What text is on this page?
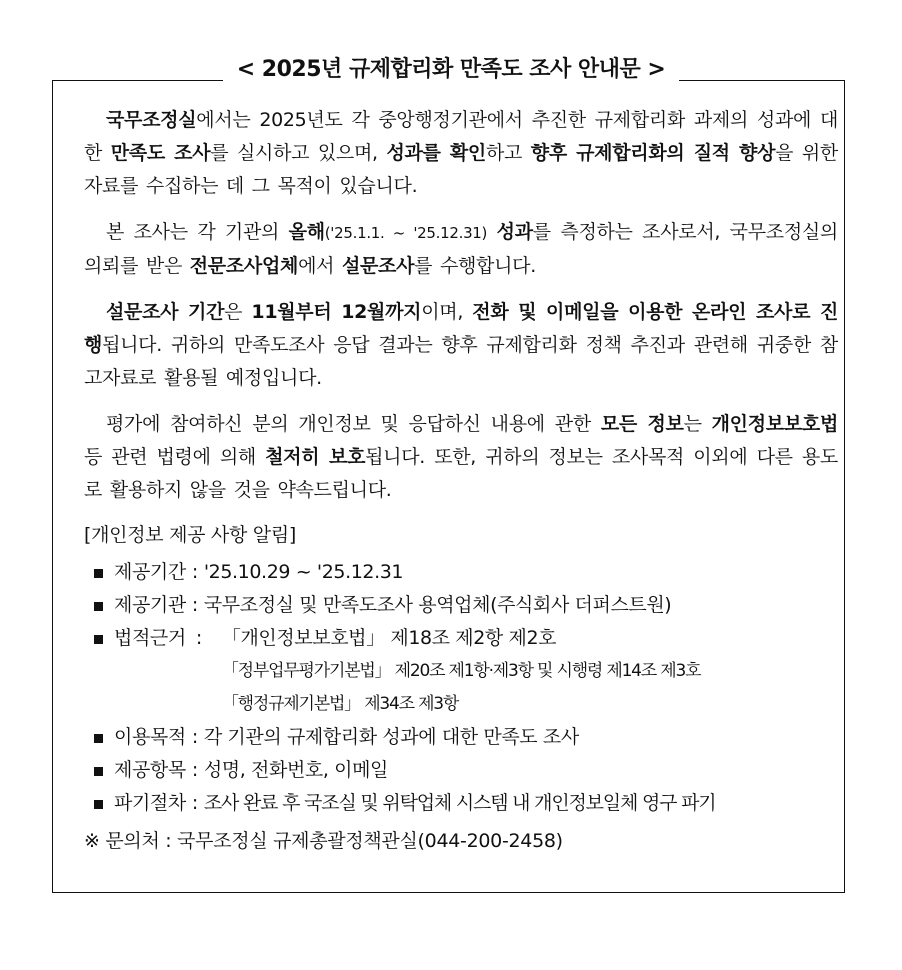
< 2025년 규제합리화 만족도 조사 안내문 >

국무조정실에서는 2025년도 각 중앙행정기관에서 추진한 규제합리화 과제의 성과에 대한 만족도 조사를 실시하고 있으며, 성과를 확인하고 향후 규제합리화의 질적 향상을 위한 자료를 수집하는 데 그 목적이 있습니다.

본 조사는 각 기관의 올해('25.1.1. ~ '25.12.31) 성과를 측정하는 조사로서, 국무조정실의 의뢰를 받은 전문조사업체에서 설문조사를 수행합니다.

설문조사 기간은 11월부터 12월까지이며, 전화 및 이메일을 이용한 온라인 조사로 진행됩니다. 귀하의 만족도조사 응답 결과는 향후 규제합리화 정책 추진과 관련해 귀중한 참고자료로 활용될 예정입니다.

평가에 참여하신 분의 개인정보 및 응답하신 내용에 관한 모든 정보는 개인정보보호법 등 관련 법령에 의해 철저히 보호됩니다. 또한, 귀하의 정보는 조사목적 이외에 다른 용도로 활용하지 않을 것을 약속드립니다.

[개인정보 제공 사항 알림]
제공기간 : '25.10.29 ~ '25.12.31
제공기관 : 국무조정실 및 만족도조사 용역업체(주식회사 더퍼스트원)
법적근거 :	「개인정보보호법」 제18조 제2항 제2호
「정부업무평가기본법」 제20조 제1항·제3항 및 시행령 제14조 제3호
「행정규제기본법」 제34조 제3항
이용목적 : 각 기관의 규제합리화 성과에 대한 만족도 조사
제공항목 : 성명, 전화번호, 이메일
파기절차 : 조사 완료 후 국조실 및 위탁업체 시스템 내 개인정보일체 영구 파기
※ 문의처 : 국무조정실 규제총괄정책관실(044-200-2458)
